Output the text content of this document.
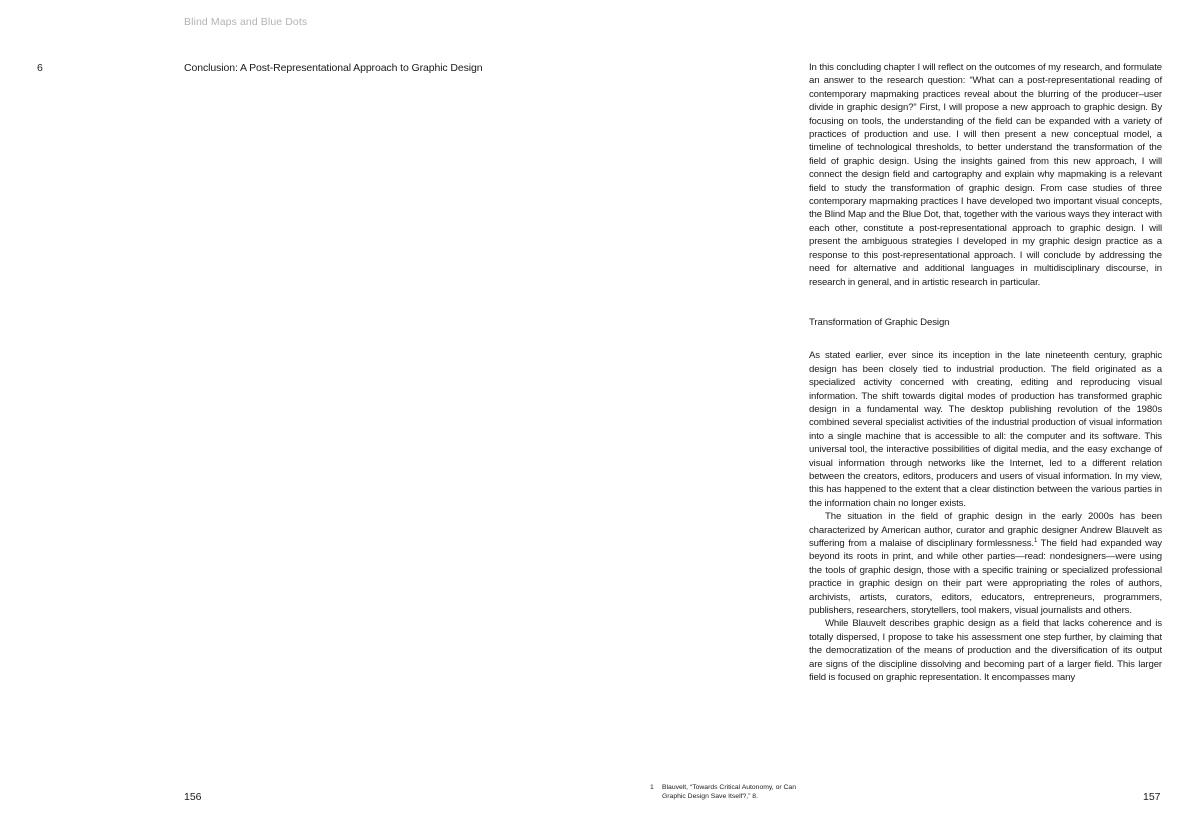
Blind Maps and Blue Dots
6	Conclusion: A Post-Representational Approach to Graphic Design	In this concluding chapter I will reflect on the outcomes of my research, and formulate an answer to the research question: “What can a post-representational reading of contemporary mapmaking practices reveal about the blurring of the producer–user divide in graphic design?” First, I will propose a new approach to graphic design. By focusing on tools, the understanding of the field can be expanded with a variety of practices of production and use. I will then present a new conceptual model, a timeline of technological thresholds, to better understand the transformation of the field of graphic design. Using the insights gained from this new approach, I will connect the design field and cartography and explain why mapmaking is a relevant field to study the transformation of graphic design. From case studies of three contemporary mapmaking practices I have developed two important visual concepts, the Blind Map and the Blue Dot, that, together with the various ways they interact with each other, constitute a post-representational approach to graphic design. I will present the ambiguous strategies I developed in my graphic design practice as a response to this post-representational approach. I will conclude by addressing the need for alternative and additional languages in multidisciplinary discourse, in research in general, and in artistic research in particular.

Transformation of Graphic Design

As stated earlier, ever since its inception in the late nineteenth century, graphic design has been closely tied to industrial production. The field originated as a specialized activity concerned with creating, editing and reproducing visual information. The shift towards digital modes of production has transformed graphic design in a fundamental way. The desktop publishing revolution of the 1980s combined several specialist activities of the industrial production of visual information into a single machine that is accessible to all: the computer and its software. This universal tool, the interactive possibilities of digital media, and the easy exchange of visual information through networks like the Internet, led to a different relation between the creators, editors, producers and users of visual information. In my view, this has happened to the extent that a clear distinction between the various parties in the information chain no longer exists.

The situation in the field of graphic design in the early 2000s has been characterized by American author, curator and graphic designer Andrew Blauvelt as suffering from a malaise of disciplinary formlessness.$^1$ The field had expanded way beyond its roots in print, and while other parties—read: nondesigners—were using the tools of graphic design, those with a specific training or specialized professional practice in graphic design on their part were appropriating the roles of authors, archivists, artists, curators, editors, educators, entrepreneurs, programmers, publishers, researchers, storytellers, tool makers, visual journalists and others.

While Blauvelt describes graphic design as a field that lacks coherence and is totally dispersed, I propose to take his assessment one step further, by claiming that the democratization of the means of production and the diversification of its output are signs of the discipline dissolving and becoming part of a larger field. This larger field is focused on graphic representation. It encompasses many

1 Blauvelt, “Towards Critical Autonomy, or Can Graphic Design Save Itself?,” 8.
156	157
